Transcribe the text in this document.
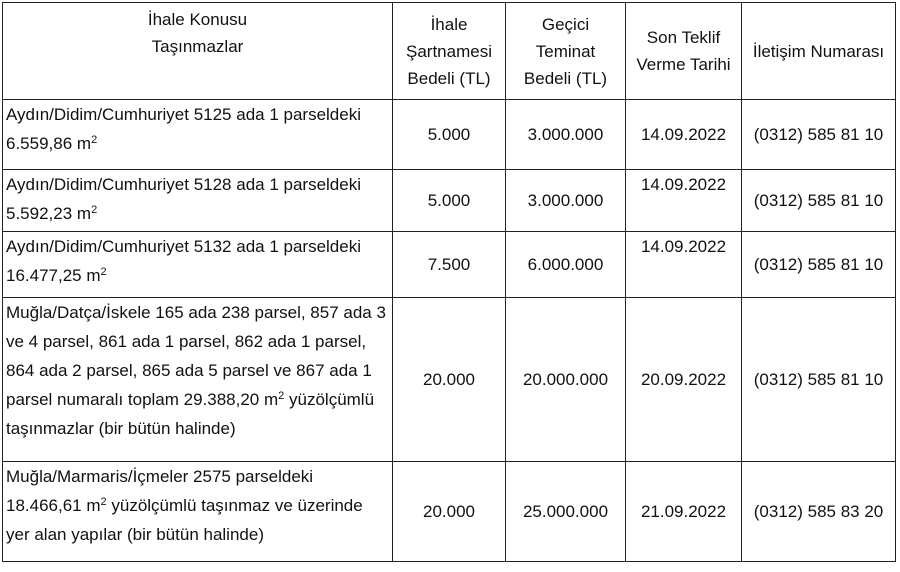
İhale Konusu
Taşınmazlar	İhale Şartnamesi Bedeli (TL)	Geçici Teminat Bedeli (TL)	Son Teklif Verme Tarihi	İletişim Numarası
Aydın/Didim/Cumhuriyet 5125 ada 1 parseldeki 6.559,86 $m^2$	5.000	3.000.000	14.09.2022	(0312) 585 81 10
Aydın/Didim/Cumhuriyet 5128 ada 1 parseldeki 5.592,23 $m^2$	5.000	3.000.000	14.09.2022	(0312) 585 81 10
Aydın/Didim/Cumhuriyet 5132 ada 1 parseldeki 16.477,25 $m^2$	7.500	6.000.000	14.09.2022	(0312) 585 81 10
Muğla/Datça/İskele 165 ada 238 parsel, 857 ada 3 ve 4 parsel, 861 ada 1 parsel, 862 ada 1 parsel, 864 ada 2 parsel, 865 ada 5 parsel ve 867 ada 1 parsel numaralı toplam 29.388,20 $m^2$ yüzölçümlü taşınmazlar (bir bütün halinde)	20.000	20.000.000	20.09.2022	(0312) 585 81 10
Muğla/Marmaris/İçmeler 2575 parseldeki 18.466,61 $m^2$ yüzölçümlü taşınmaz ve üzerinde yer alan yapılar (bir bütün halinde)	20.000	25.000.000	21.09.2022	(0312) 585 83 20
